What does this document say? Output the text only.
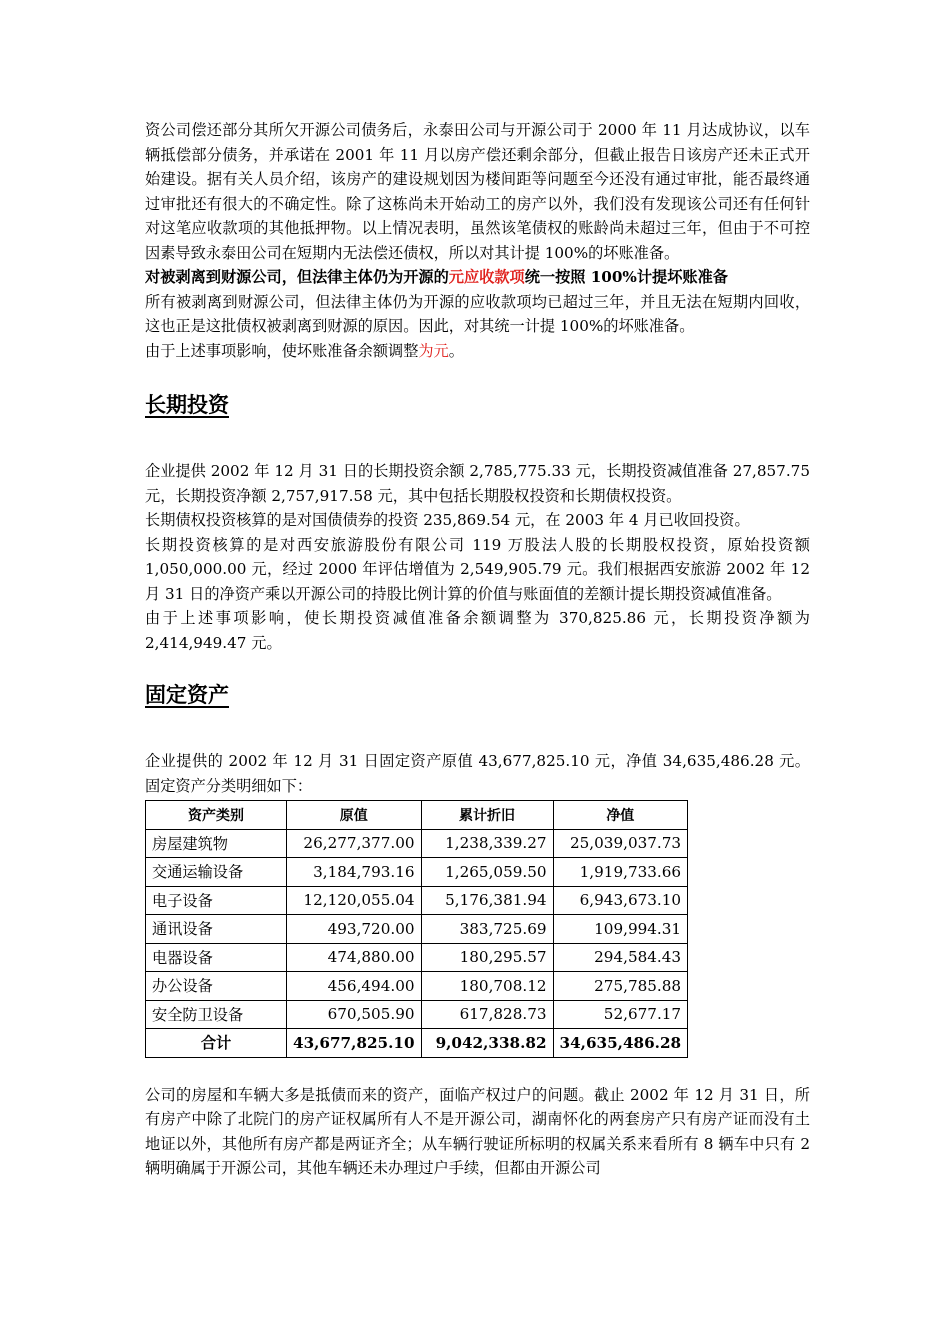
资公司偿还部分其所欠开源公司债务后，永泰田公司与开源公司于 2000 年 11 月达成协议，以车辆抵偿部分债务，并承诺在 2001 年 11 月以房产偿还剩余部分，但截止报告日该房产还未正式开始建设。据有关人员介绍，该房产的建设规划因为楼间距等问题至今还没有通过审批，能否最终通过审批还有很大的不确定性。除了这栋尚未开始动工的房产以外，我们没有发现该公司还有任何针对这笔应收款项的其他抵押物。以上情况表明，虽然该笔债权的账龄尚未超过三年，但由于不可控因素导致永泰田公司在短期内无法偿还债权，所以对其计提 100%的坏账准备。

对被剥离到财源公司，但法律主体仍为开源的元应收款项统一按照 100%计提坏账准备

所有被剥离到财源公司，但法律主体仍为开源的应收款项均已超过三年，并且无法在短期内回收，这也正是这批债权被剥离到财源的原因。因此，对其统一计提 100%的坏账准备。

由于上述事项影响，使坏账准备余额调整为元。

长期投资

企业提供 2002 年 12 月 31 日的长期投资余额 2,785,775.33 元，长期投资减值准备 27,857.75 元，长期投资净额 2,757,917.58 元，其中包括长期股权投资和长期债权投资。

长期债权投资核算的是对国债债券的投资 235,869.54 元，在 2003 年 4 月已收回投资。

长期投资核算的是对西安旅游股份有限公司 119 万股法人股的长期股权投资，原始投资额 1,050,000.00 元，经过 2000 年评估增值为 2,549,905.79 元。我们根据西安旅游 2002 年 12 月 31 日的净资产乘以开源公司的持股比例计算的价值与账面值的差额计提长期投资减值准备。

由于上述事项影响，使长期投资减值准备余额调整为 370,825.86 元，长期投资净额为 2,414,949.47 元。

固定资产

企业提供的 2002 年 12 月 31 日固定资产原值 43,677,825.10 元，净值 34,635,486.28 元。固定资产分类明细如下：

资产类别	原值	累计折旧	净值
房屋建筑物	26,277,377.00	1,238,339.27	25,039,037.73
交通运输设备	3,184,793.16	1,265,059.50	1,919,733.66
电子设备	12,120,055.04	5,176,381.94	6,943,673.10
通讯设备	493,720.00	383,725.69	109,994.31
电器设备	474,880.00	180,295.57	294,584.43
办公设备	456,494.00	180,708.12	275,785.88
安全防卫设备	670,505.90	617,828.73	52,677.17
合计	43,677,825.10	9,042,338.82	34,635,486.28

公司的房屋和车辆大多是抵债而来的资产，面临产权过户的问题。截止 2002 年 12 月 31 日，所有房产中除了北院门的房产证权属所有人不是开源公司，湖南怀化的两套房产只有房产证而没有土地证以外，其他所有房产都是两证齐全；从车辆行驶证所标明的权属关系来看所有 8 辆车中只有 2 辆明确属于开源公司，其他车辆还未办理过户手续，但都由开源公司
